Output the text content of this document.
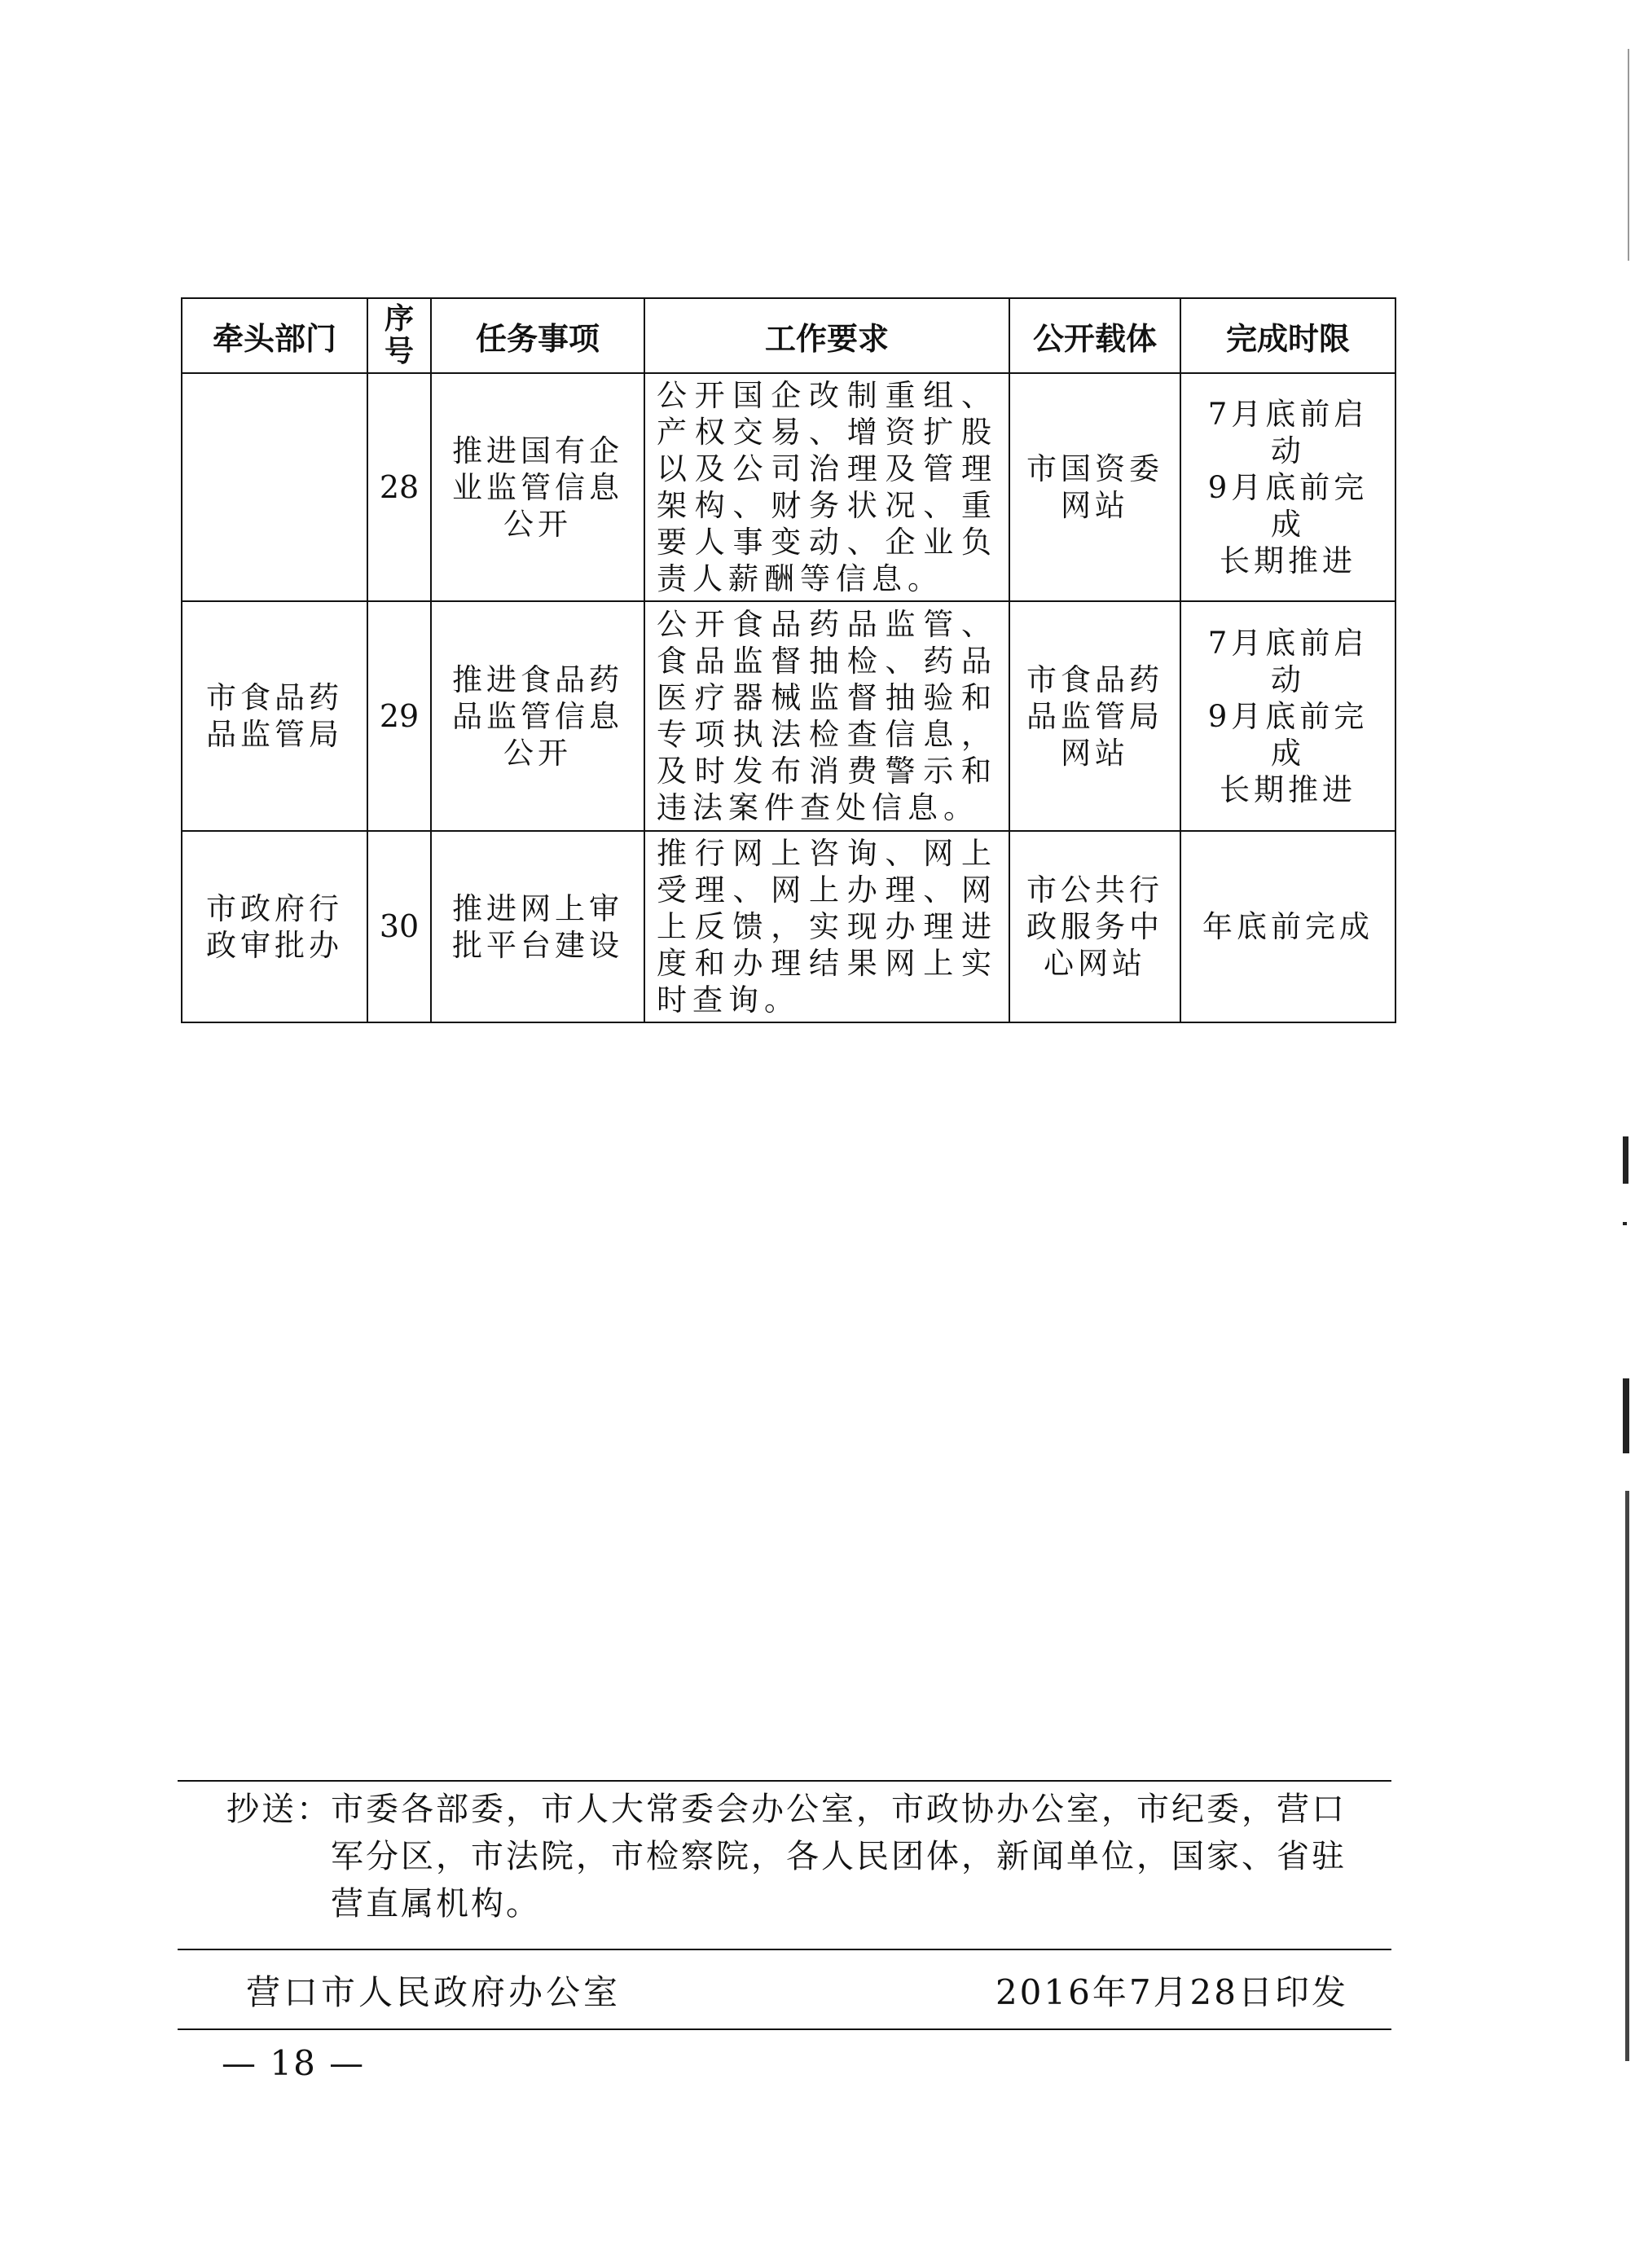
牵头部门	序
号	任务事项	工作要求	公开载体	完成时限

	28	推进国有企
业监管信息
公开	公开国企改制重组、产权交易、增资扩股以及公司治理及管理架构、财务状况、重要人事变动、企业负责人薪酬等信息。	市国资委
网站	7月底前启动
9月底前完成
长期推进

市食品药
品监管局	29	推进食品药
品监管信息
公开	公开食品药品监管、食品监督抽检、药品医疗器械监督抽验和专项执法检查信息，及时发布消费警示和违法案件查处信息。	市食品药
品监管局
网站	7月底前启动
9月底前完成
长期推进

市政府行
政审批办	30	推进网上审
批平台建设	推行网上咨询、网上受理、网上办理、网上反馈，实现办理进度和办理结果网上实时查询。	市公共行
政服务中
心网站	年底前完成
抄送： 市委各部委，市人大常委会办公室，市政协办公室，市纪委，营口军分区，市法院，市检察院，各人民团体，新闻单位，国家、省驻营直属机构。
营口市人民政府办公室	2016年7月28日印发
— 18 —
